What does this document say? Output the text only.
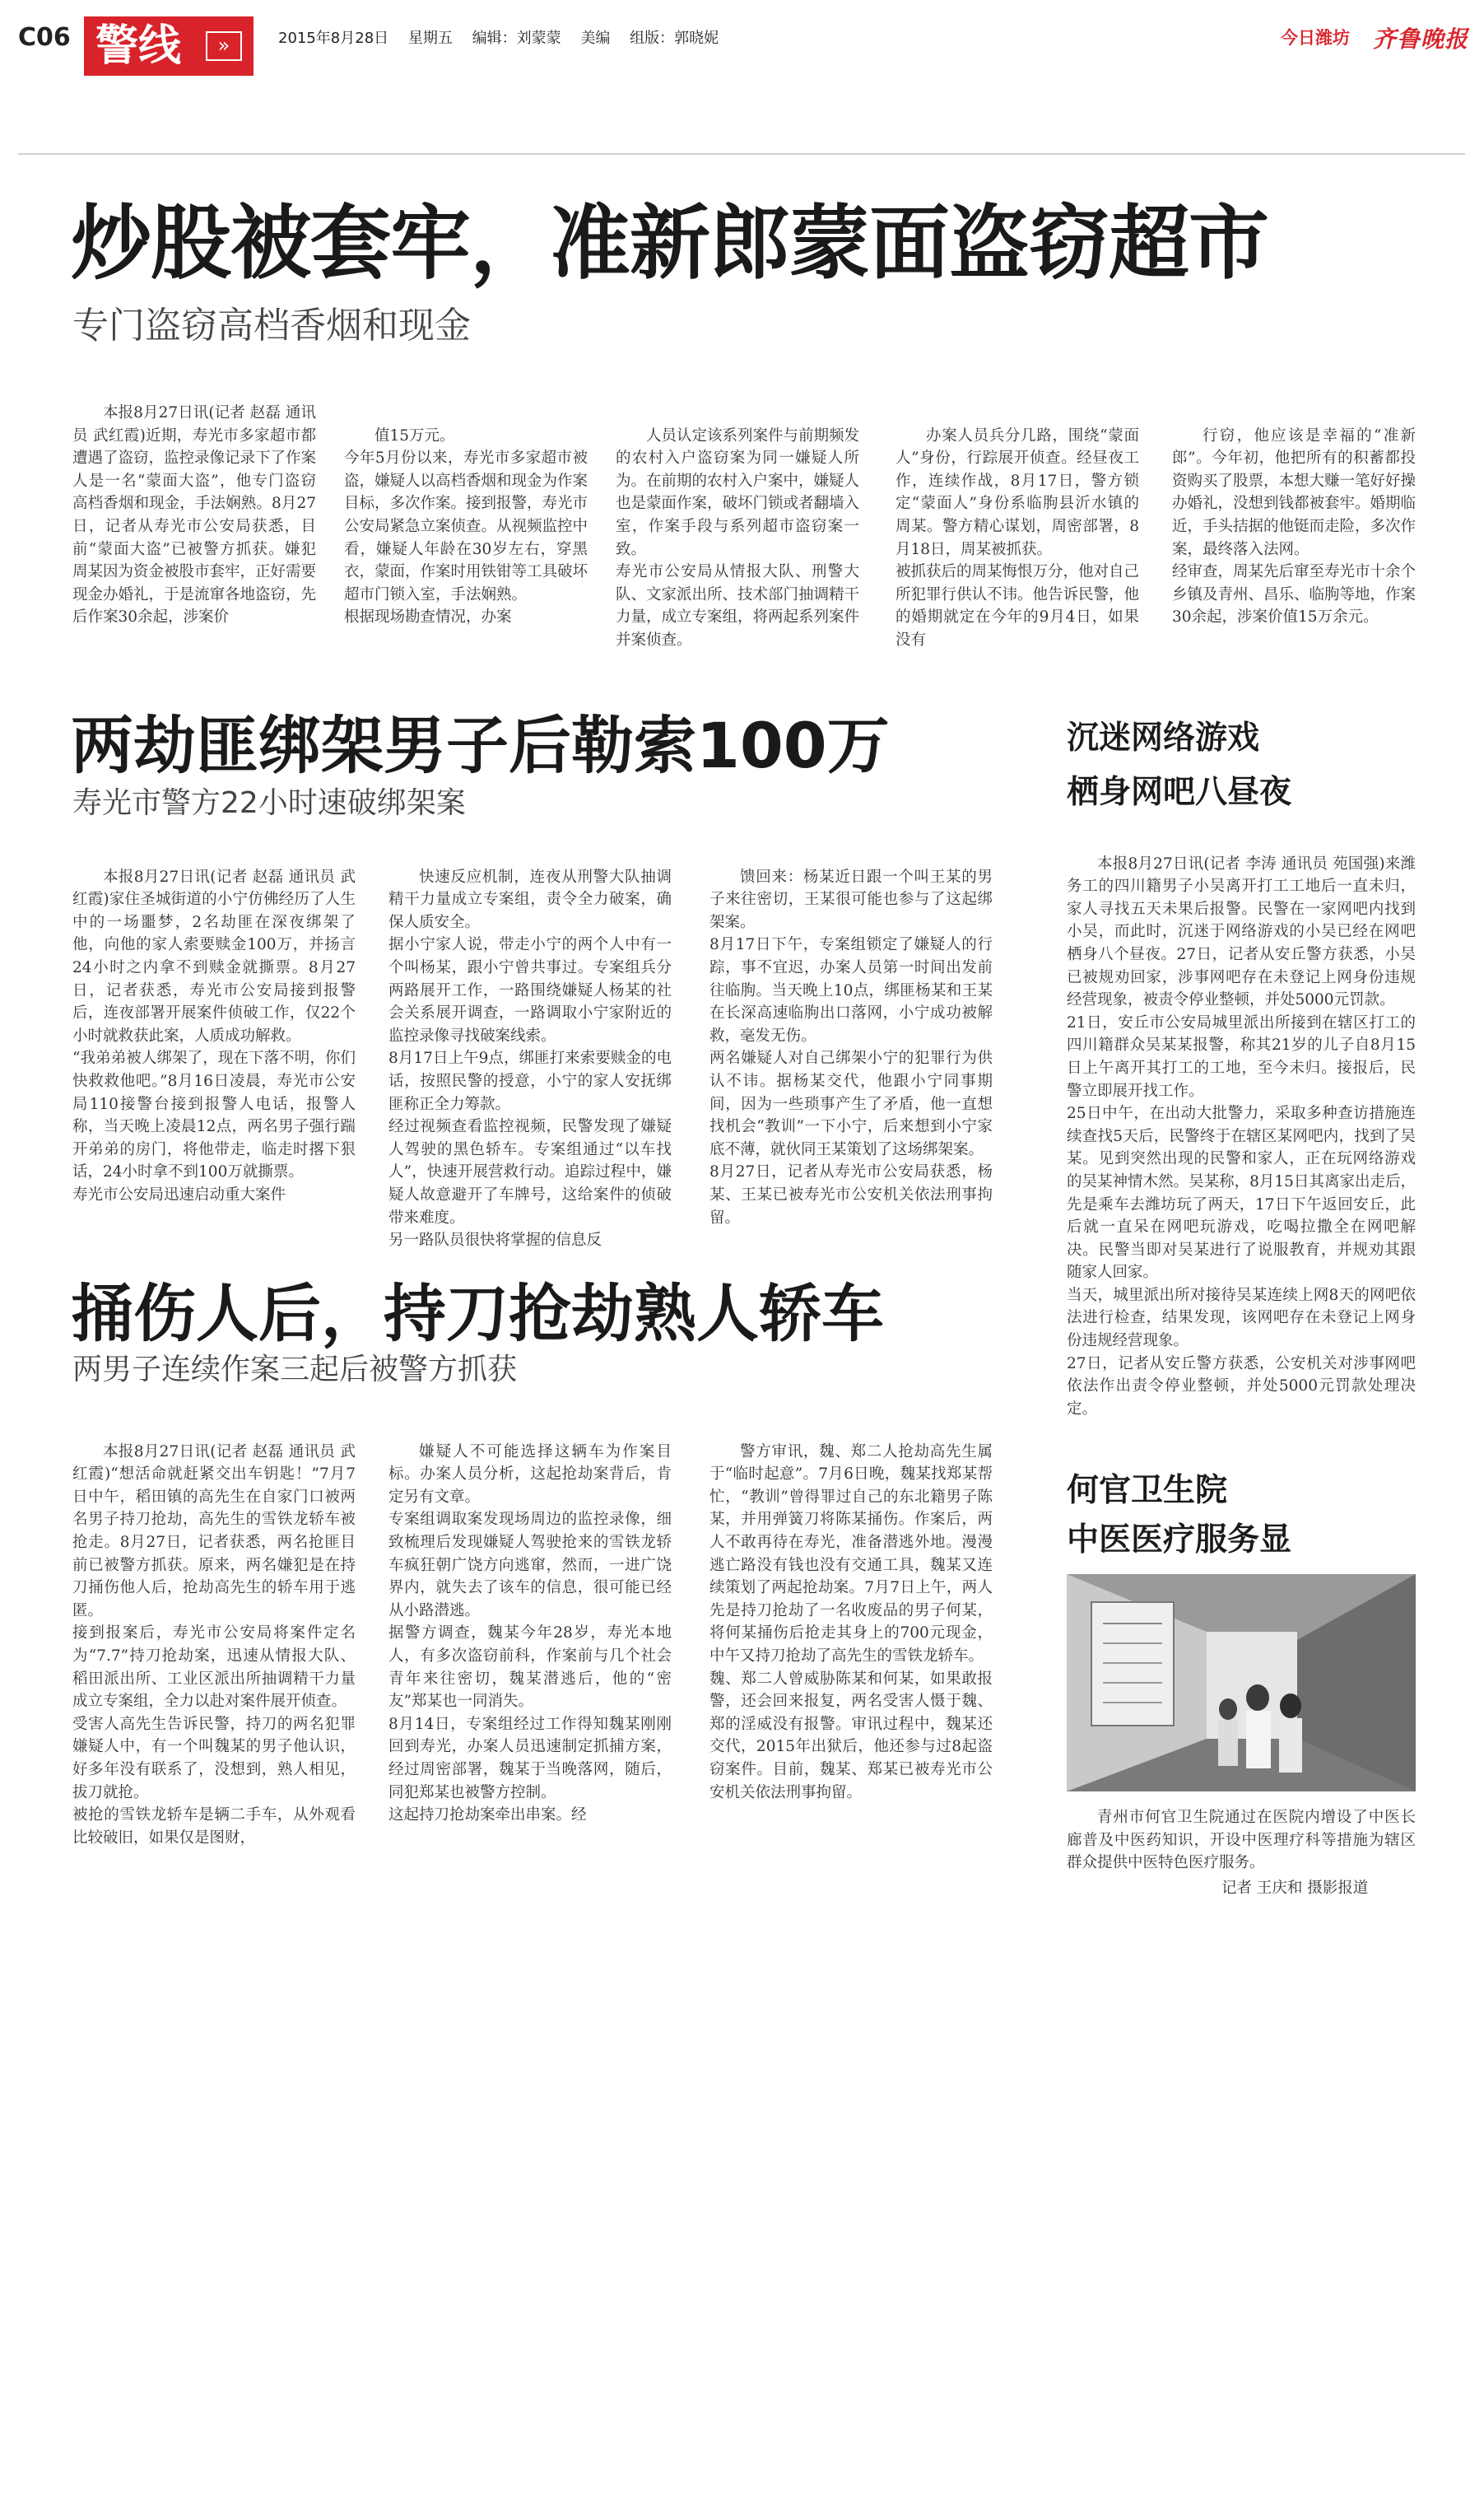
C06 警线	»	2015年8月28日 星期五 编辑：刘蒙蒙 美编 组版：郭晓妮	今日潍坊 齐鲁晚报
炒股被套牢，准新郎蒙面盗窃超市
专门盗窃高档香烟和现金

本报8月27日讯(记者 赵磊 通讯员 武红霞)近期，寿光市多家超市都遭遇了盗窃，监控录像记录下了作案人是一名“蒙面大盗”，他专门盗窃高档香烟和现金，手法娴熟。8月27日，记者从寿光市公安局获悉，目前“蒙面大盗”已被警方抓获。嫌犯周某因为资金被股市套牢，正好需要现金办婚礼，于是流窜各地盗窃，先后作案30余起，涉案价

值15万元。
今年5月份以来，寿光市多家超市被盗，嫌疑人以高档香烟和现金为作案目标，多次作案。接到报警，寿光市公安局紧急立案侦查。从视频监控中看，嫌疑人年龄在30岁左右，穿黑衣，蒙面，作案时用铁钳等工具破坏超市门锁入室，手法娴熟。
根据现场勘查情况，办案

人员认定该系列案件与前期频发的农村入户盗窃案为同一嫌疑人所为。在前期的农村入户案中，嫌疑人也是蒙面作案，破坏门锁或者翻墙入室，作案手段与系列超市盗窃案一致。
寿光市公安局从情报大队、刑警大队、文家派出所、技术部门抽调精干力量，成立专案组，将两起系列案件并案侦查。

办案人员兵分几路，围绕“蒙面人”身份，行踪展开侦查。经昼夜工作，连续作战，8月17日，警方锁定“蒙面人”身份系临朐县沂水镇的周某。警方精心谋划，周密部署，8月18日，周某被抓获。
被抓获后的周某悔恨万分，他对自己所犯罪行供认不讳。他告诉民警，他的婚期就定在今年的9月4日，如果没有

行窃，他应该是幸福的“准新郎”。今年初，他把所有的积蓄都投资购买了股票，本想大赚一笔好好操办婚礼，没想到钱都被套牢。婚期临近，手头拮据的他铤而走险，多次作案，最终落入法网。
经审查，周某先后窜至寿光市十余个乡镇及青州、昌乐、临朐等地，作案30余起，涉案价值15万余元。

两劫匪绑架男子后勒索100万
寿光市警方22小时速破绑架案

本报8月27日讯(记者 赵磊 通讯员 武红霞)家住圣城街道的小宁仿佛经历了人生中的一场噩梦，2名劫匪在深夜绑架了他，向他的家人索要赎金100万，并扬言24小时之内拿不到赎金就撕票。8月27日，记者获悉，寿光市公安局接到报警后，连夜部署开展案件侦破工作，仅22个小时就救获此案，人质成功解救。
“我弟弟被人绑架了，现在下落不明，你们快救救他吧。”8月16日凌晨，寿光市公安局110接警台接到报警人电话，报警人称，当天晚上凌晨12点，两名男子强行踹开弟弟的房门，将他带走，临走时撂下狠话，24小时拿不到100万就撕票。
寿光市公安局迅速启动重大案件

快速反应机制，连夜从刑警大队抽调精干力量成立专案组，责令全力破案，确保人质安全。
据小宁家人说，带走小宁的两个人中有一个叫杨某，跟小宁曾共事过。专案组兵分两路展开工作，一路围绕嫌疑人杨某的社会关系展开调查，一路调取小宁家附近的监控录像寻找破案线索。
8月17日上午9点，绑匪打来索要赎金的电话，按照民警的授意，小宁的家人安抚绑匪称正全力筹款。
经过视频查看监控视频，民警发现了嫌疑人驾驶的黑色轿车。专案组通过“以车找人”，快速开展营救行动。追踪过程中，嫌疑人故意避开了车牌号，这给案件的侦破带来难度。
另一路队员很快将掌握的信息反

馈回来：杨某近日跟一个叫王某的男子来往密切，王某很可能也参与了这起绑架案。
8月17日下午，专案组锁定了嫌疑人的行踪，事不宜迟，办案人员第一时间出发前往临朐。当天晚上10点，绑匪杨某和王某在长深高速临朐出口落网，小宁成功被解救，毫发无伤。
两名嫌疑人对自己绑架小宁的犯罪行为供认不讳。据杨某交代，他跟小宁同事期间，因为一些琐事产生了矛盾，他一直想找机会“教训”一下小宁，后来想到小宁家底不薄，就伙同王某策划了这场绑架案。
8月27日，记者从寿光市公安局获悉，杨某、王某已被寿光市公安机关依法刑事拘留。

捅伤人后，持刀抢劫熟人轿车
两男子连续作案三起后被警方抓获

本报8月27日讯(记者 赵磊 通讯员 武红霞)“想活命就赶紧交出车钥匙！”7月7日中午，稻田镇的高先生在自家门口被两名男子持刀抢劫，高先生的雪铁龙轿车被抢走。8月27日，记者获悉，两名抢匪目前已被警方抓获。原来，两名嫌犯是在持刀捅伤他人后，抢劫高先生的轿车用于逃匿。
接到报案后，寿光市公安局将案件定名为“7.7”持刀抢劫案，迅速从情报大队、稻田派出所、工业区派出所抽调精干力量成立专案组，全力以赴对案件展开侦查。
受害人高先生告诉民警，持刀的两名犯罪嫌疑人中，有一个叫魏某的男子他认识，好多年没有联系了，没想到，熟人相见，拔刀就抢。
被抢的雪铁龙轿车是辆二手车，从外观看比较破旧，如果仅是图财，

嫌疑人不可能选择这辆车为作案目标。办案人员分析，这起抢劫案背后，肯定另有文章。
专案组调取案发现场周边的监控录像，细致梳理后发现嫌疑人驾驶抢来的雪铁龙轿车疯狂朝广饶方向逃窜，然而，一进广饶界内，就失去了该车的信息，很可能已经从小路潜逃。
据警方调查，魏某今年28岁，寿光本地人，有多次盗窃前科，作案前与几个社会青年来往密切，魏某潜逃后，他的“密友”郑某也一同消失。
8月14日，专案组经过工作得知魏某刚刚回到寿光，办案人员迅速制定抓捕方案，经过周密部署，魏某于当晚落网，随后，同犯郑某也被警方控制。
这起持刀抢劫案牵出串案。经

警方审讯，魏、郑二人抢劫高先生属于“临时起意”。7月6日晚，魏某找郑某帮忙，“教训”曾得罪过自己的东北籍男子陈某，并用弹簧刀将陈某捅伤。作案后，两人不敢再待在寿光，准备潜逃外地。漫漫逃亡路没有钱也没有交通工具，魏某又连续策划了两起抢劫案。7月7日上午，两人先是持刀抢劫了一名收废品的男子何某，将何某捅伤后抢走其身上的700元现金，中午又持刀抢劫了高先生的雪铁龙轿车。
魏、郑二人曾威胁陈某和何某，如果敢报警，还会回来报复，两名受害人慑于魏、郑的淫威没有报警。审讯过程中，魏某还交代，2015年出狱后，他还参与过8起盗窃案件。目前，魏某、郑某已被寿光市公安机关依法刑事拘留。

沉迷网络游戏
栖身网吧八昼夜

本报8月27日讯(记者 李涛 通讯员 苑国强)来潍务工的四川籍男子小吴离开打工工地后一直未归，家人寻找五天未果后报警。民警在一家网吧内找到小吴，而此时，沉迷于网络游戏的小吴已经在网吧栖身八个昼夜。27日，记者从安丘警方获悉，小吴已被规劝回家，涉事网吧存在未登记上网身份违规经营现象，被责令停业整顿，并处5000元罚款。
21日，安丘市公安局城里派出所接到在辖区打工的四川籍群众吴某某报警，称其21岁的儿子自8月15日上午离开其打工的工地，至今未归。接报后，民警立即展开找工作。
25日中午，在出动大批警力，采取多种查访措施连续查找5天后，民警终于在辖区某网吧内，找到了吴某。见到突然出现的民警和家人，正在玩网络游戏的吴某神情木然。吴某称，8月15日其离家出走后，先是乘车去潍坊玩了两天，17日下午返回安丘，此后就一直呆在网吧玩游戏，吃喝拉撒全在网吧解决。民警当即对吴某进行了说服教育，并规劝其跟随家人回家。
当天，城里派出所对接待吴某连续上网8天的网吧依法进行检查，结果发现，该网吧存在未登记上网身份违规经营现象。
27日，记者从安丘警方获悉，公安机关对涉事网吧依法作出责令停业整顿，并处5000元罚款处理决定。

何官卫生院
中医医疗服务显

青州市何官卫生院通过在医院内增设了中医长廊普及中医药知识，开设中医理疗科等措施为辖区群众提供中医特色医疗服务。

记者 王庆和 摄影报道
